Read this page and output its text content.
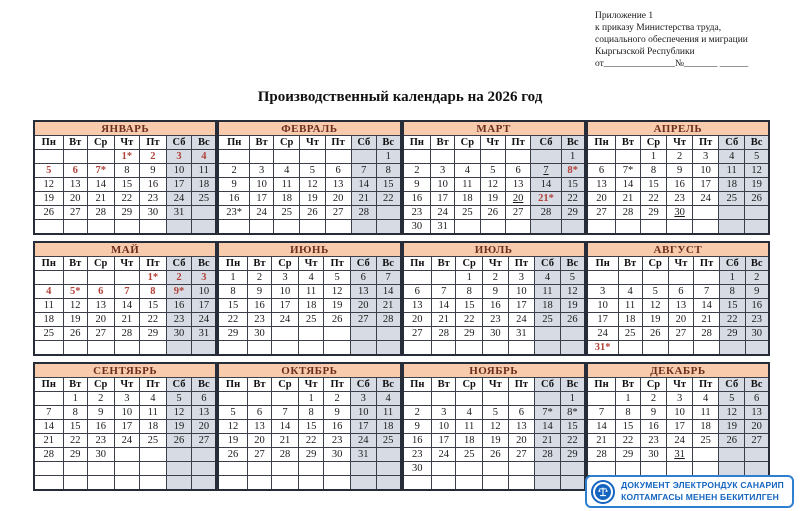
Приложение 1
к приказу Министерства труда,
социального обеспечения и миграции
Кыргызской Республики
от_______________№_______ ______
Производственный календарь на 2026 год
ЯНВАРЬ						
Пн	Вт	Ср	Чт	Пт	Сб	Вс
			1*	2	3	4
5	6	7*	8	9	10	11
12	13	14	15	16	17	18
19	20	21	22	23	24	25
26	27	28	29	30	31	

ФЕВРАЛЬ						
Пн	Вт	Ср	Чт	Пт	Сб	Вс
						1
2	3	4	5	6	7	8
9	10	11	12	13	14	15
16	17	18	19	20	21	22
23*	24	25	26	27	28	

МАРТ						
Пн	Вт	Ср	Чт	Пт	Сб	Вс
						1
2	3	4	5	6	7	8*
9	10	11	12	13	14	15
16	17	18	19	20	21*	22
23	24	25	26	27	28	29
30	31					
АПРЕЛЬ						
Пн	Вт	Ср	Чт	Пт	Сб	Вс
		1	2	3	4	5
6	7*	8	9	10	11	12
13	14	15	16	17	18	19
20	21	22	23	24	25	26
27	28	29	30			

МАЙ						
Пн	Вт	Ср	Чт	Пт	Сб	Вс
				1*	2	3
4	5*	6	7	8	9*	10
11	12	13	14	15	16	17
18	19	20	21	22	23	24
25	26	27	28	29	30	31

ИЮНЬ						
Пн	Вт	Ср	Чт	Пт	Сб	Вс
1	2	3	4	5	6	7
8	9	10	11	12	13	14
15	16	17	18	19	20	21
22	23	24	25	26	27	28
29	30					

ИЮЛЬ						
Пн	Вт	Ср	Чт	Пт	Сб	Вс
		1	2	3	4	5
6	7	8	9	10	11	12
13	14	15	16	17	18	19
20	21	22	23	24	25	26
27	28	29	30	31		

АВГУСТ						
Пн	Вт	Ср	Чт	Пт	Сб	Вс
					1	2
3	4	5	6	7	8	9
10	11	12	13	14	15	16
17	18	19	20	21	22	23
24	25	26	27	28	29	30
31*						
СЕНТЯБРЬ						
Пн	Вт	Ср	Чт	Пт	Сб	Вс
	1	2	3	4	5	6
7	8	9	10	11	12	13
14	15	16	17	18	19	20
21	22	23	24	25	26	27
28	29	30				

ОКТЯБРЬ						
Пн	Вт	Ср	Чт	Пт	Сб	Вс
			1	2	3	4
5	6	7	8	9	10	11
12	13	14	15	16	17	18
19	20	21	22	23	24	25
26	27	28	29	30	31	

НОЯБРЬ						
Пн	Вт	Ср	Чт	Пт	Сб	Вс
						1
2	3	4	5	6	7*	8*
9	10	11	12	13	14	15
16	17	18	19	20	21	22
23	24	25	26	27	28	29
30						

ДЕКАБРЬ						
Пн	Вт	Ср	Чт	Пт	Сб	Вс
	1	2	3	4	5	6
7	8	9	10	11	12	13
14	15	16	17	18	19	20
21	22	23	24	25	26	27
28	29	30	31			

ДОКУМЕНТ ЭЛЕКТРОНДУК САНАРИП
КОЛТАМГАСЫ МЕНЕН БЕКИТИЛГЕН
